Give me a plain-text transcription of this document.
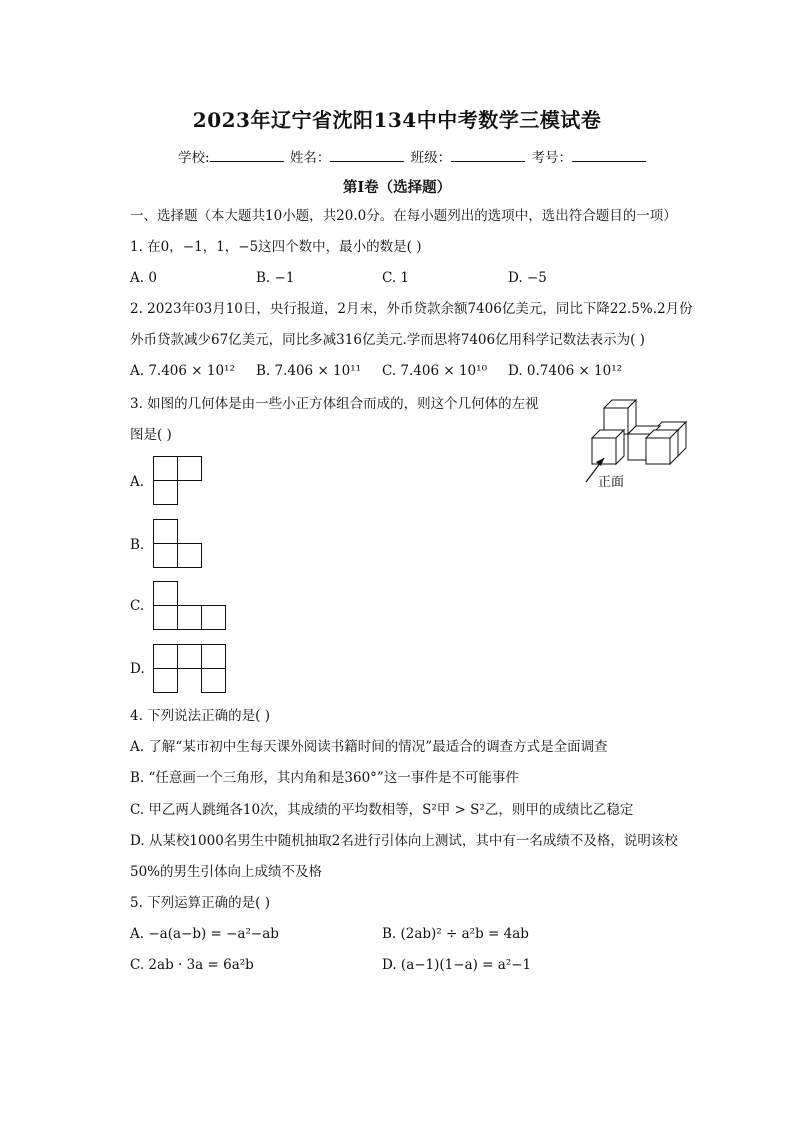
2023年辽宁省沈阳134中中考数学三模试卷
学校:	姓名：	班级：	考号：
第Ⅰ卷（选择题）
一、选择题（本大题共10小题，共20.0分。在每小题列出的选项中，选出符合题目的一项）
1. 在0，−1，1，−5这四个数中，最小的数是( )
A. 0	B. −1	C. 1	D. −5
2. 2023年03月10日，央行报道，2月末，外币贷款余额7406亿美元，同比下降22.5%.2月份
外币贷款减少67亿美元，同比多减316亿美元.学而思将7406亿用科学记数法表示为( )
A. 7.406 × 10¹² B. 7.406 × 10¹¹ C. 7.406 × 10¹⁰ D. 0.7406 × 10¹²
3. 如图的几何体是由一些小正方体组合而成的，则这个几何体的左视
图是( )
正面
A.
B.
C.
D.
4. 下列说法正确的是( )
A. 了解“某市初中生每天课外阅读书籍时间的情况”最适合的调查方式是全面调查
B. “任意画一个三角形，其内角和是360°”这一事件是不可能事件
C. 甲乙两人跳绳各10次，其成绩的平均数相等，S²甲 > S²乙，则甲的成绩比乙稳定
D. 从某校1000名男生中随机抽取2名进行引体向上测试，其中有一名成绩不及格，说明该校
50%的男生引体向上成绩不及格
5. 下列运算正确的是( )
A. −a(a−b) = −a²−ab	B. (2ab)² ÷ a²b = 4ab
C. 2ab · 3a = 6a²b	D. (a−1)(1−a) = a²−1
